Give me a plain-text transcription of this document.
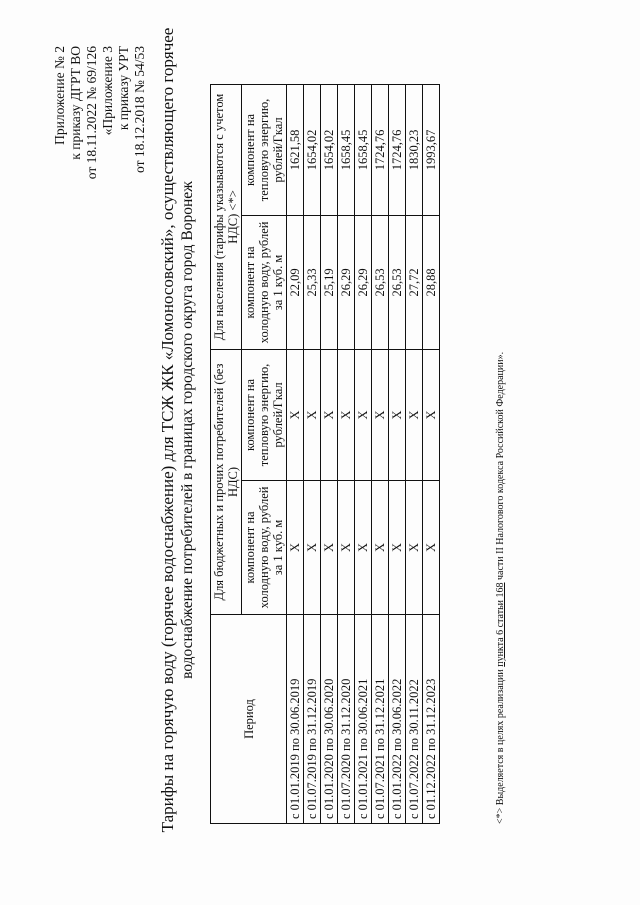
Приложение № 2 к приказу ДГРТ ВО от 18.11.2022 № 69/126 «Приложение 3 к приказу УРТ от 18.12.2018 № 54/53 Тарифы на горячую воду (горячее водоснабжение) для ТСЖ ЖК «Ломоносовский», осуществляющего горячее водоснабжение потребителей в границах городского округа город Воронеж
Период	Для бюджетных и прочих потребителей (без НДС)		Для населения (тарифы указываются с учетом НДС) <*>	
	компонент на холодную воду, рублей за 1 куб. м	компонент на тепловую энергию, рублей/Гкал	компонент на холодную воду, рублей за 1 куб. м	компонент на тепловую энергию, рублей/Гкал
с 01.01.2019 по 30.06.2019	X	X	22,09	1621,58
с 01.07.2019 по 31.12.2019	X	X	25,33	1654,02
с 01.01.2020 по 30.06.2020	X	X	25,19	1654,02
с 01.07.2020 по 31.12.2020	X	X	26,29	1658,45
с 01.01.2021 по 30.06.2021	X	X	26,29	1658,45
с 01.07.2021 по 31.12.2021	X	X	26,53	1724,76
с 01.01.2022 по 30.06.2022	X	X	26,53	1724,76
с 01.07.2022 по 30.11.2022	X	X	27,72	1830,23
с 01.12.2022 по 31.12.2023	X	X	28,88	1993,67
<*> Выделяется в целях реализации пункта 6 статьи 168 части II Налогового кодекса Российской Федерации».
